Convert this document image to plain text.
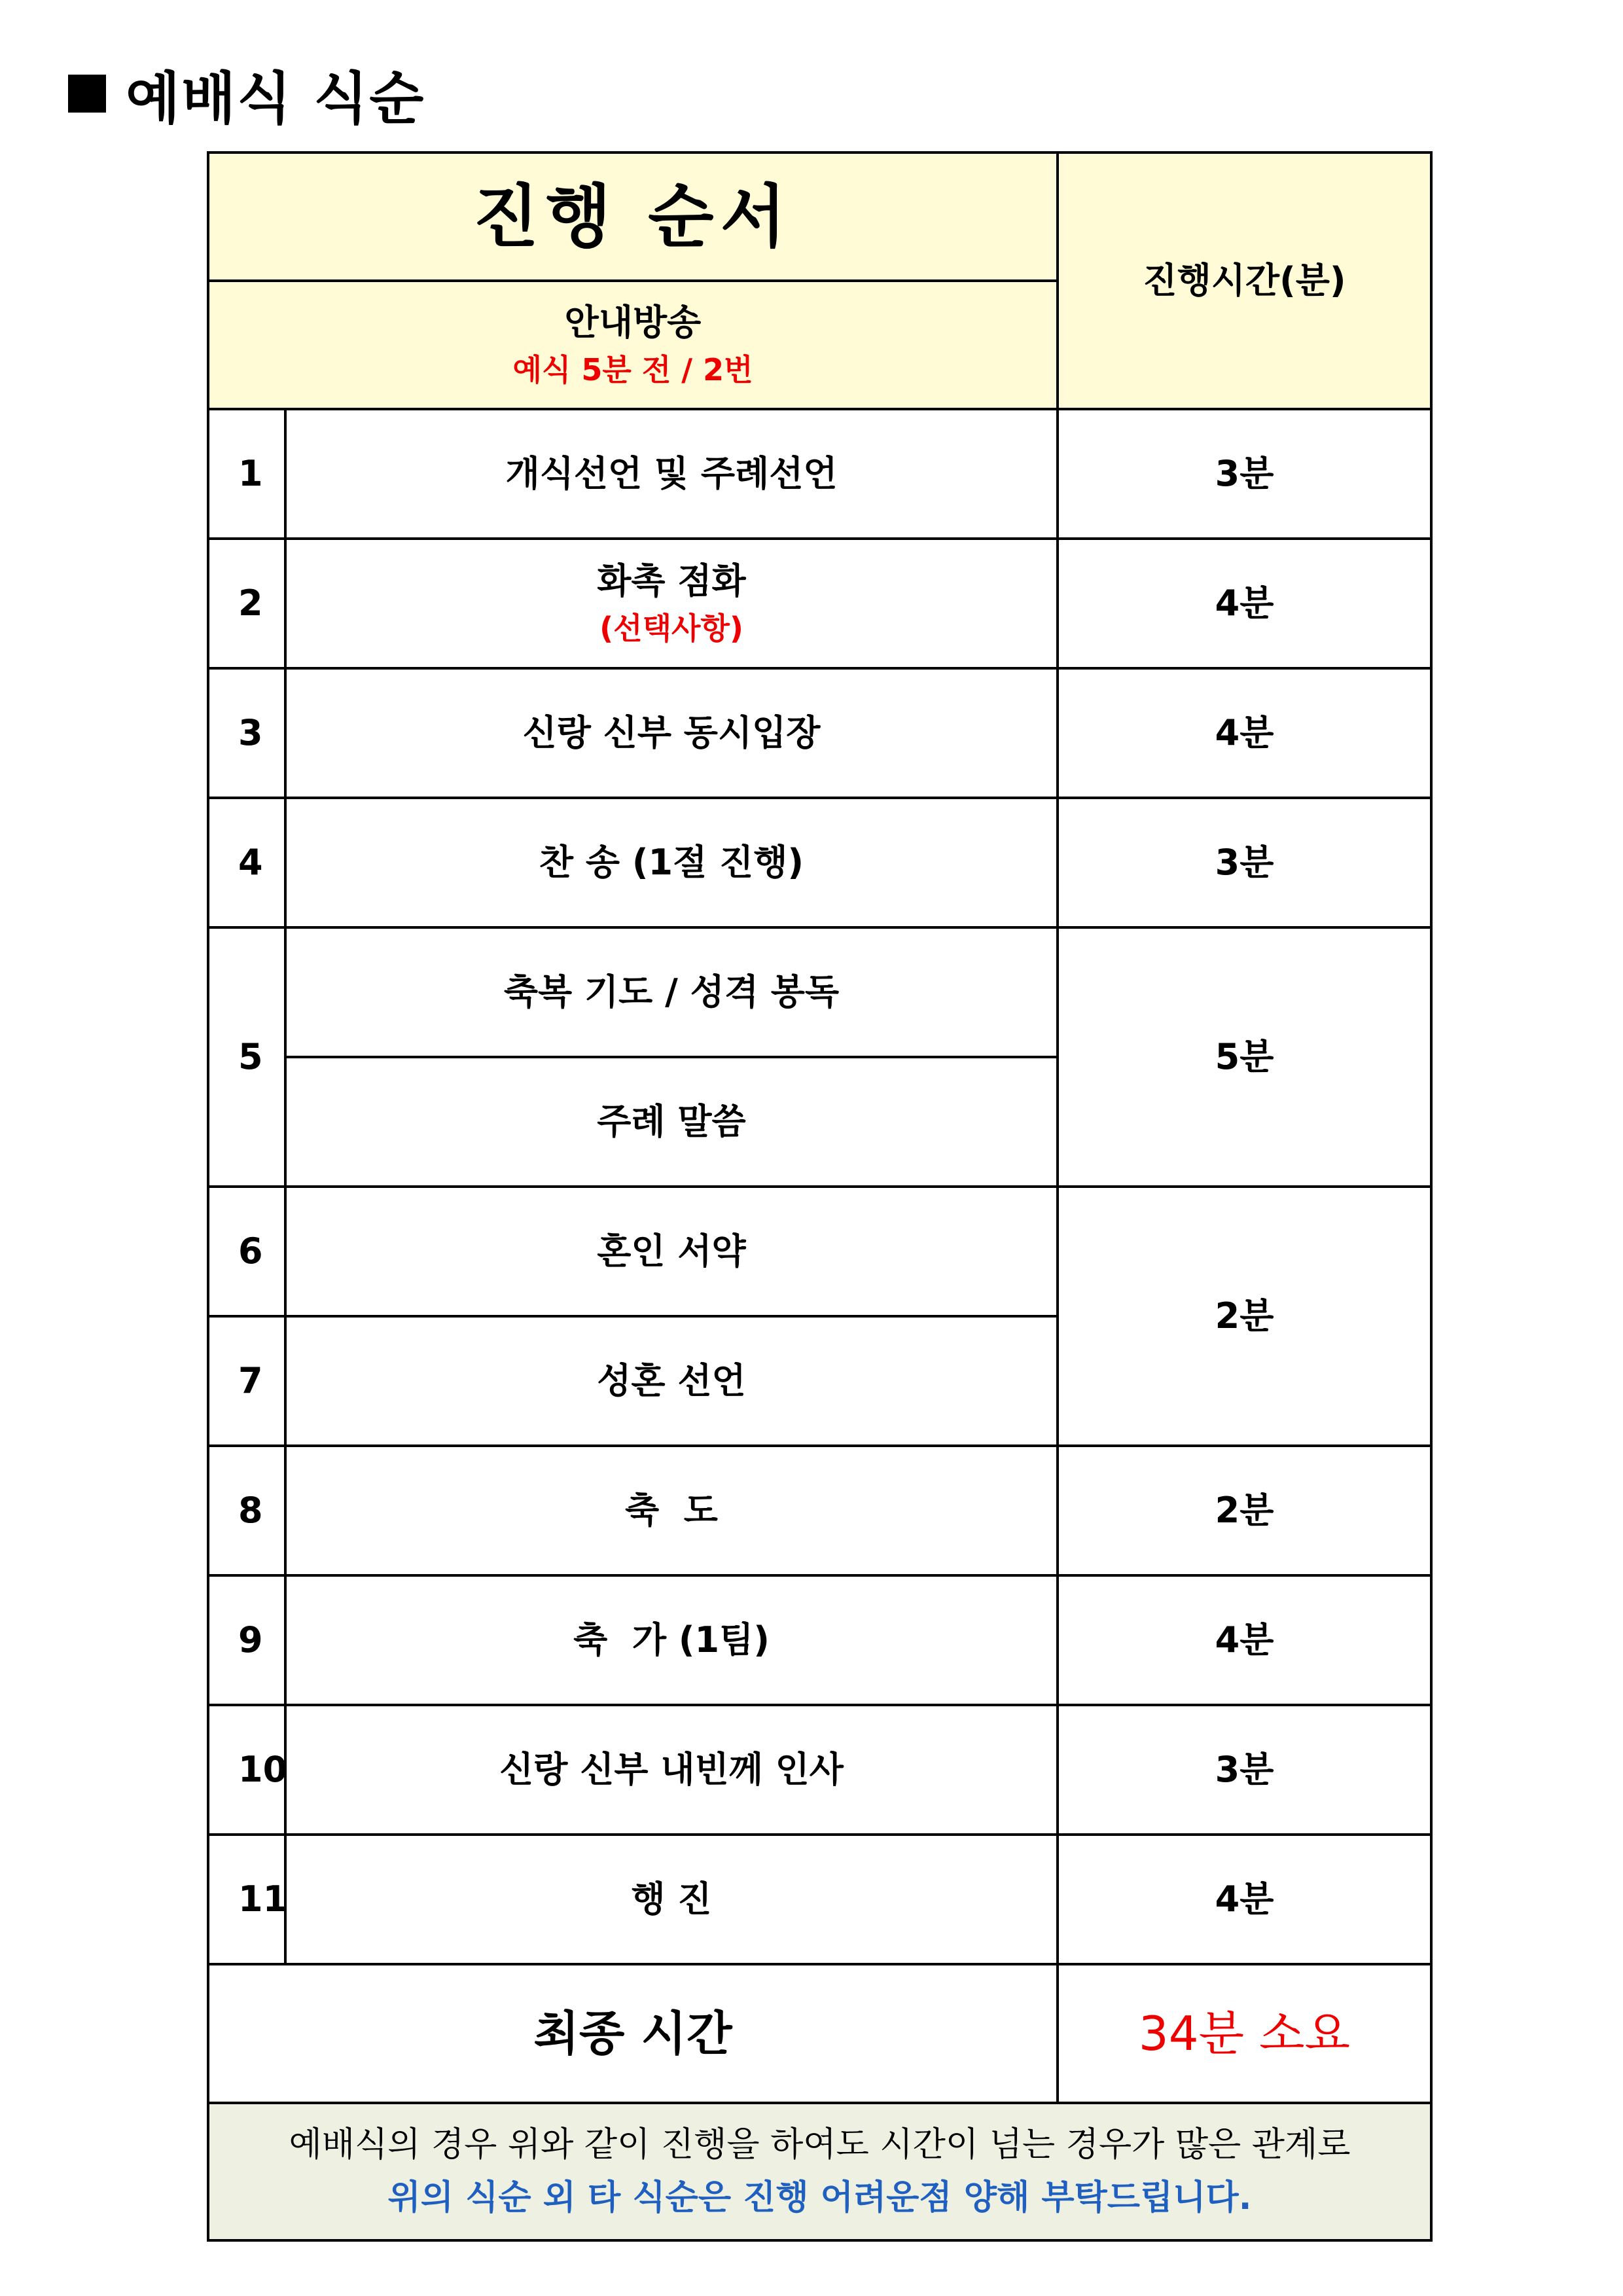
예배식 식순
진행 순서		진행시간(분)
안내방송
예식 5분 전 / 2번		

1	개식선언 및 주례선언	3분
2	화촉 점화
(선택사항)	4분
3	신랑 신부 동시입장	4분
4	찬 송 (1절 진행)	3분
5	축복 기도 / 성격 봉독	5분
	주례 말씀	
6	혼인 서약	2분
7	성혼 선언	
8	축  도	2분
9	축  가 (1팀)	4분
10	신랑 신부 내빈께 인사	3분
11	행 진	4분
최종 시간		34분 소요
예배식의 경우 위와 같이 진행을 하여도 시간이 넘는 경우가 많은 관계로
위의 식순 외 타 식순은 진행 어려운점 양해 부탁드립니다.		
